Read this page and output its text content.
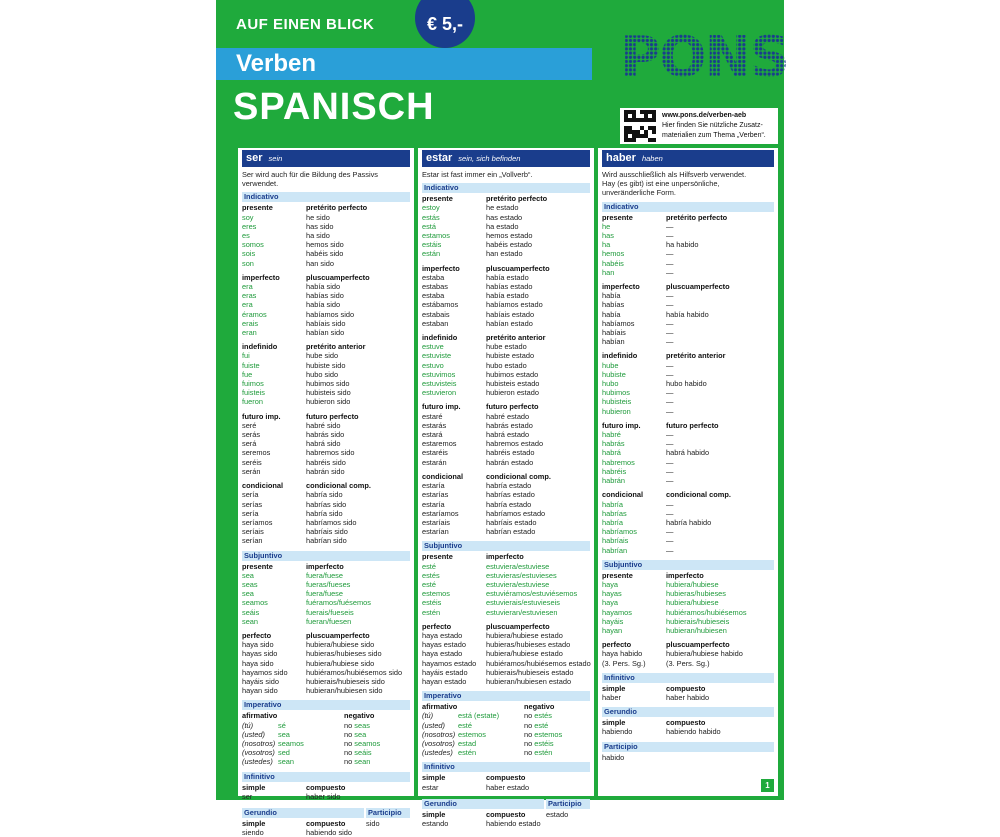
AUF EINEN BLICK	€ 5,-
Verben
SPANISCH
PONS
www.pons.de/verben-aeb
Hier finden Sie nützliche Zusatz-materialien zum Thema „Verben“.
ser sein
Ser wird auch für die Bildung des Passivs verwendet.
Indicativo
presente	pretérito perfecto
soy	he sido
eres	has sido
es	ha sido
somos	hemos sido
sois	habéis sido
son	han sido
imperfecto	pluscuamperfecto
era	había sido
eras	habías sido
era	había sido
éramos	habíamos sido
erais	habíais sido
eran	habían sido
indefinido	pretérito anterior
fui	hube sido
fuiste	hubiste sido
fue	hubo sido
fuimos	hubimos sido
fuisteis	hubisteis sido
fueron	hubieron sido
futuro imp.	futuro perfecto
seré	habré sido
serás	habrás sido
será	habrá sido
seremos	habremos sido
seréis	habréis sido
serán	habrán sido
condicional	condicional comp.
sería	habría sido
serías	habrías sido
sería	habría sido
seríamos	habríamos sido
seríais	habríais sido
serían	habrían sido
Subjuntivo
presente	imperfecto
sea	fuera/fuese
seas	fueras/fueses
sea	fuera/fuese
seamos	fuéramos/fuésemos
seáis	fuerais/fueseis
sean	fueran/fuesen
perfecto	pluscuamperfecto
haya sido	hubiera/hubiese sido
hayas sido	hubieras/hubieses sido
haya sido	hubiera/hubiese sido
hayamos sido	hubiéramos/hubiésemos sido
hayáis sido	hubierais/hubieseis sido
hayan sido	hubieran/hubiesen sido
Imperativo
afirmativo	negativo
(tú)	sé	no seas
(usted)	sea	no sea
(nosotros) seamos	no seamos
(vosotros) sed	no seáis
(ustedes) sean	no sean
Infinitivo
simple	compuesto
ser	haber sido
Gerundio
simple	compuesto
siendo	habiendo sido
Participio
sido
estar sein, sich befinden
Estar ist fast immer ein „Vollverb“.
Indicativo
presente	pretérito perfecto
estoy	he estado
estás	has estado
está	ha estado
estamos	hemos estado
estáis	habéis estado
están	han estado
imperfecto	pluscuamperfecto
estaba	había estado
estabas	habías estado
estaba	había estado
estábamos	habíamos estado
estabais	habíais estado
estaban	habían estado
indefinido	pretérito anterior
estuve	hube estado
estuviste	hubiste estado
estuvo	hubo estado
estuvimos	hubimos estado
estuvisteis	hubisteis estado
estuvieron	hubieron estado
futuro imp.	futuro perfecto
estaré	habré estado
estarás	habrás estado
estará	habrá estado
estaremos	habremos estado
estaréis	habréis estado
estarán	habrán estado
condicional	condicional comp.
estaría	habría estado
estarías	habrías estado
estaría	habría estado
estaríamos	habríamos estado
estaríais	habríais estado
estarían	habrían estado
Subjuntivo
presente	imperfecto
esté	estuviera/estuviese
estés	estuvieras/estuvieses
esté	estuviera/estuviese
estemos	estuviéramos/estuviésemos
estéis	estuvierais/estuvieseis
estén	estuvieran/estuviesen
perfecto	pluscuamperfecto
haya estado	hubiera/hubiese estado
hayas estado	hubieras/hubieses estado
haya estado	hubiera/hubiese estado
hayamos estado	hubiéramos/hubiésemos estado
hayáis estado	hubierais/hubieseis estado
hayan estado	hubieran/hubiesen estado
Imperativo
afirmativo	negativo
(tú)	está (estate)	no estés
(usted)	esté	no esté
(nosotros) estemos	no estemos
(vosotros) estad	no estéis
(ustedes) estén	no estén
Infinitivo
simple	compuesto
estar	haber estado
Gerundio
simple	compuesto
estando	habiendo estado
Participio
estado
haber haben
Wird ausschließlich als Hilfsverb verwendet.
Hay (es gibt) ist eine unpersönliche, unveränderliche Form.
Indicativo
presente	pretérito perfecto
he	—
has	—
ha	ha habido
hemos	—
habéis	—
han	—
imperfecto	pluscuamperfecto
había	—
habías	—
había	había habido
habíamos	—
habíais	—
habían	—
indefinido	pretérito anterior
hube	—
hubiste	—
hubo	hubo habido
hubimos	—
hubisteis	—
hubieron	—
futuro imp.	futuro perfecto
habré	—
habrás	—
habrá	habrá habido
habremos	—
habréis	—
habrán	—
condicional	condicional comp.
habría	—
habrías	—
habría	habría habido
habríamos	—
habríais	—
habrían	—
Subjuntivo
presente	imperfecto
haya	hubiera/hubiese
hayas	hubieras/hubieses
haya	hubiera/hubiese
hayamos	hubiéramos/hubiésemos
hayáis	hubierais/hubieseis
hayan	hubieran/hubiesen
perfecto	pluscuamperfecto
haya habido	hubiera/hubiese habido
(3. Pers. Sg.)	(3. Pers. Sg.)
Infinitivo
simple	compuesto
haber	haber habido
Gerundio
simple	compuesto
habiendo	habiendo habido
Participio
habido
1
